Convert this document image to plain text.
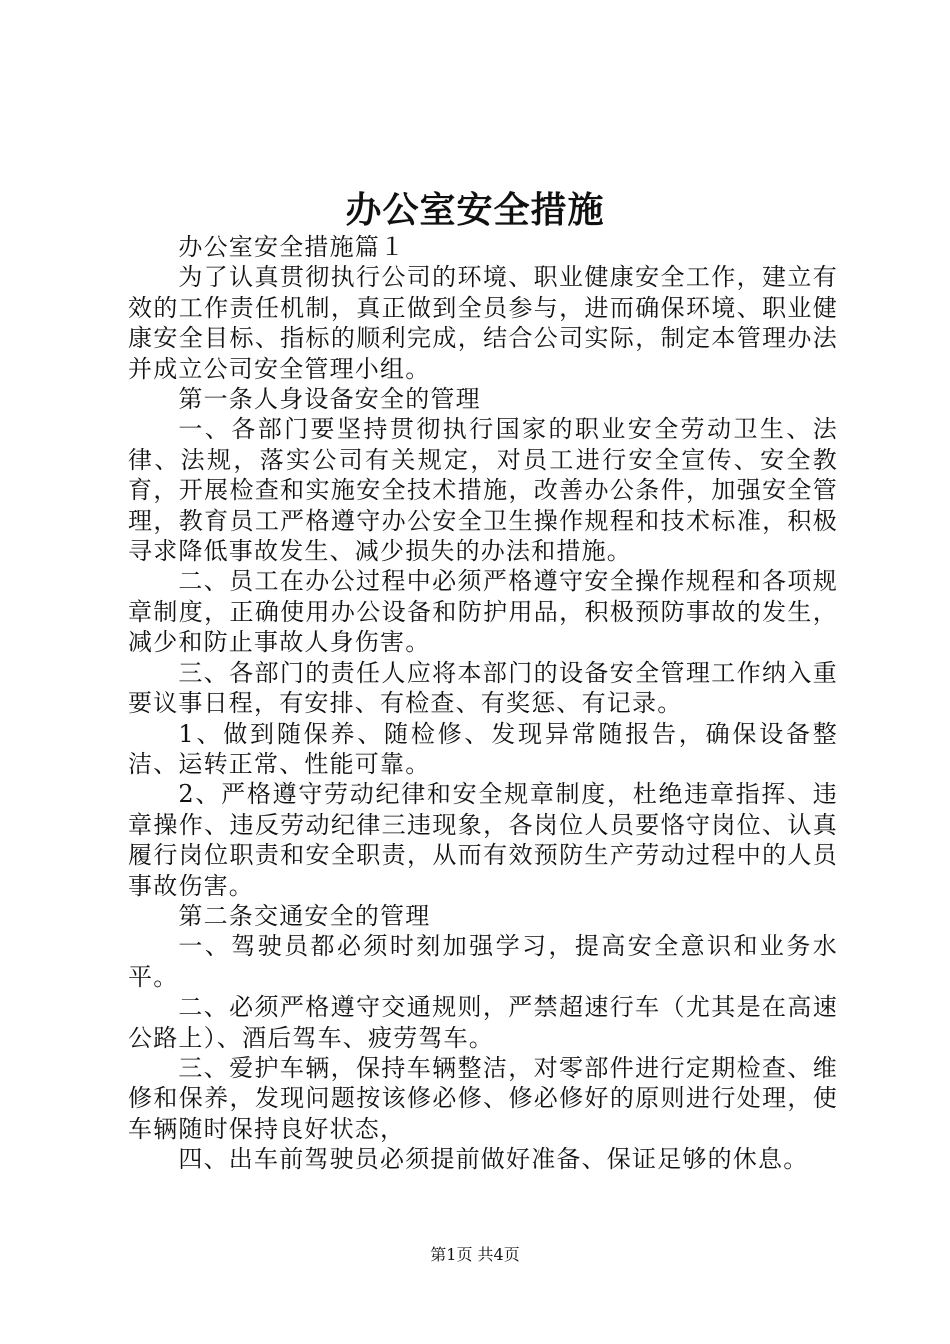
办公室安全措施

办公室安全措施篇１

为了认真贯彻执行公司的环境、职业健康安全工作，建立有效的工作责任机制，真正做到全员参与，进而确保环境、职业健康安全目标、指标的顺利完成，结合公司实际，制定本管理办法并成立公司安全管理小组。

第一条人身设备安全的管理

一、各部门要坚持贯彻执行国家的职业安全劳动卫生、法律、法规，落实公司有关规定，对员工进行安全宣传、安全教育，开展检查和实施安全技术措施，改善办公条件，加强安全管理，教育员工严格遵守办公安全卫生操作规程和技术标准，积极寻求降低事故发生、减少损失的办法和措施。

二、员工在办公过程中必须严格遵守安全操作规程和各项规章制度，正确使用办公设备和防护用品，积极预防事故的发生，减少和防止事故人身伤害。

三、各部门的责任人应将本部门的设备安全管理工作纳入重要议事日程，有安排、有检查、有奖惩、有记录。

1、做到随保养、随检修、发现异常随报告，确保设备整洁、运转正常、性能可靠。

2、严格遵守劳动纪律和安全规章制度，杜绝违章指挥、违章操作、违反劳动纪律三违现象，各岗位人员要恪守岗位、认真履行岗位职责和安全职责，从而有效预防生产劳动过程中的人员事故伤害。

第二条交通安全的管理

一、驾驶员都必须时刻加强学习，提高安全意识和业务水平。

二、必须严格遵守交通规则，严禁超速行车（尤其是在高速公路上）、酒后驾车、疲劳驾车。

三、爱护车辆，保持车辆整洁，对零部件进行定期检查、维修和保养，发现问题按该修必修、修必修好的原则进行处理，使车辆随时保持良好状态，

四、出车前驾驶员必须提前做好准备、保证足够的休息。

第1页 共4页
